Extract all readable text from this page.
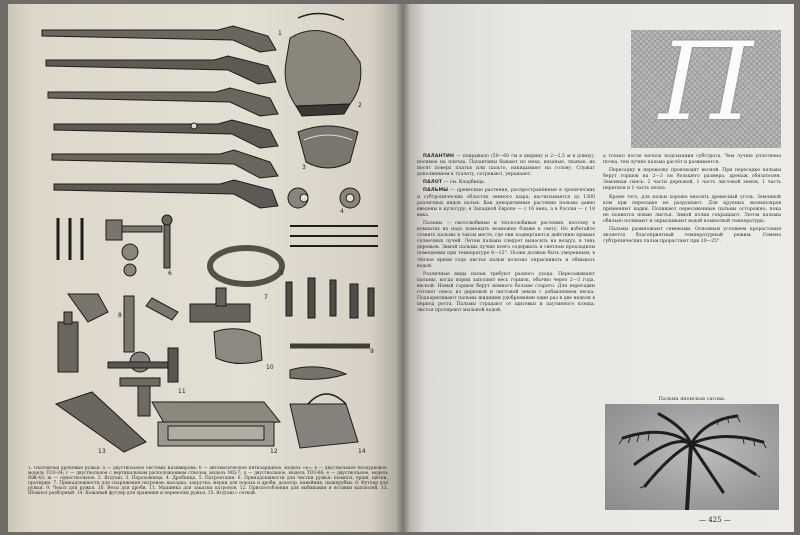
1
2
3
4
5
6
7
8
9
10
11
12
13	14
1. Охотничьи дробовые ружья: а — двуствольное системы Казимирова; б — автоматическое пятизарядное, модель «Б»; в — двуствольное бескурковое, модель ТОЗ-34; г — двуствольное с вертикальным расположением стволов, модель МЦ-7; д — двуствольное, модель ТОЗ-66; е — двуствольное, модель ИЖ-43; ж — одноствольное. 2. Ягдташ. 3. Пороховница. 4. Дробница. 5. Патронташи. 6. Принадлежности для чистки ружья: шомпол, ерши, щётки, протирки. 7. Принадлежности для снаряжения патронов: высадка, закрутка, мерки для пороха и дроби, дозатор, навойник, пыжерубки. 8. Футляр для ружья. 9. Чехол для ружья. 10. Весы для дроби. 11. Машинка для закатки патронов. 12. Приспособления для выбивания и вставки капсюлей. 13. Шомпол разборный. 14. Кожаный футляр для хранения и переноски ружья. 15. Ягдташ с сеткой.
П

ПАЛАНТИН — покрывало (50—60 см в ширину и 2—2,5 м в длину), носимое на плечах. Палантины бывают из меха, вязаные, тканые; их носят поверх платья или пальто, накидывают на голову. Служат дополнением к туалету, согревают, украшают.

ПАЛОТ — см. Кладбища.

ПАЛЬМЫ — древесные растения, распространённые в тропических и субтропических областях земного шара; насчитывается до 1500 различных видов пальм. Как декоративные растения пальмы давно введены в культуру; в Западной Европе — с 16 века, а в России — с 18 века.

Пальмы — светолюбивые и теплолюбивые растения, поэтому в комнатах их надо помещать возможно ближе к свету. Но избегайте ставить пальмы в таком месте, где они подвергаются действию прямых солнечных лучей. Летом пальмы следует выносить на воздух, в тень деревьев. Зимой пальмы лучше всего содержать в светлом прохладном помещении при температуре 8—12°. Полив должен быть умеренным; в тёплое время года листья пальм полезно опрыскивать и обмывать водой.

Различные виды пальм требуют разного ухода. Пересаживают пальмы, когда корни заполнят весь горшок, обычно через 2—3 года, весной. Новый горшок берут немного больше старого. Для пересадки готовят смесь из дерновой и листовой земли с добавлением песка. Подкармливают пальмы жидкими удобрениями один раз в две недели в период роста. Пальмы страдают от щитовки и паутинного клеща; листья протирают мыльной водой.

а только после начала подсыхания субстрата. Чем лучше уплотнена почва, тем лучше пальма растёт и развивается.

Пересадку и перевалку производят весной. При пересадке пальмы берут горшок на 2—3 см большего размера, дренаж обязателен. Земляная смесь: 2 части дерновой, 1 часть листовой земли, 1 часть перегноя и 1 часть песка.

Кроме того, для пальм хорошо вносить древесный уголь. Земляной ком при пересадке не разрушают. Для крупных экземпляров применяют кадки. Поливают пересаженные пальмы осторожно, пока не появятся новые листья. Зимой полив сокращают. Летом пальмы обильно поливают и опрыскивают водой комнатной температуры.

Пальмы размножают семенами. Основным условием прорастания является благоприятный температурный режим. Семена субтропических пальм прорастают при 20—25°.

Пальма японская сагова.
— 425 —
